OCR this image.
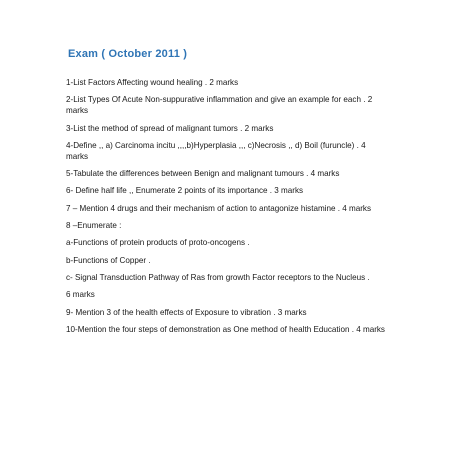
Exam ( October 2011 )
1-List Factors Affecting wound healing . 2 marks
2-List Types Of Acute Non-suppurative inflammation and give an example for each . 2 marks
3-List the method of spread of malignant tumors . 2 marks
4-Define ,, a) Carcinoma incitu ,,,,b)Hyperplasia ,,, c)Necrosis ,, d) Boil (furuncle) . 4 marks
5-Tabulate the differences between Benign and malignant tumours . 4 marks
6- Define half life ,, Enumerate 2 points of its importance . 3 marks
7 – Mention 4 drugs and their mechanism of action to antagonize histamine . 4 marks
8 –Enumerate :
a-Functions of protein products of proto-oncogens .
b-Functions of Copper .
c- Signal Transduction Pathway of Ras from growth Factor receptors to the Nucleus .
6 marks
9- Mention 3 of the health effects of Exposure to vibration . 3 marks
10-Mention the four steps of demonstration as One method of health Education . 4 marks
